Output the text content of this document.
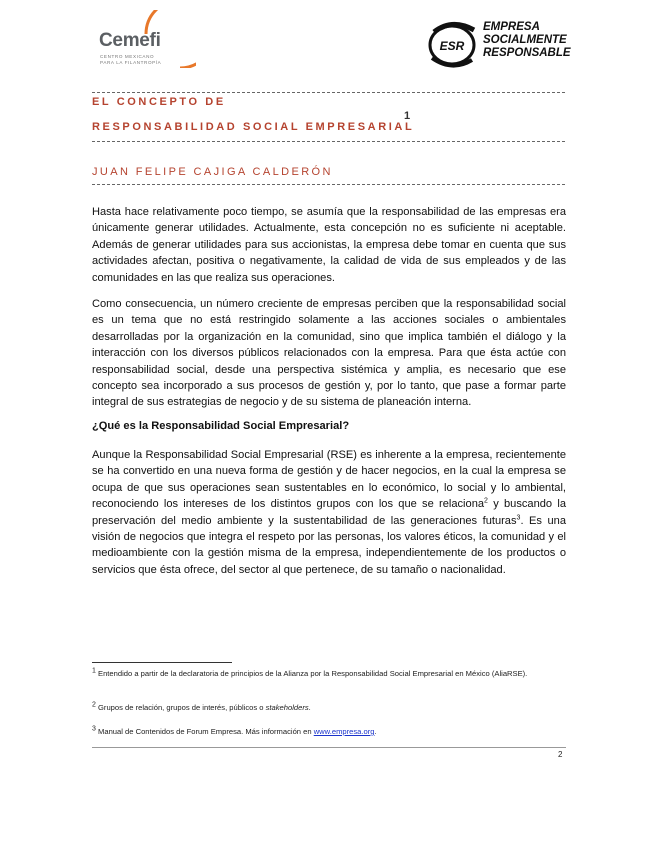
Cemefi
CENTRO MEXICANO
PARA LA FILANTROPÍA
ESR
EMPRESA
SOCIALMENTE
RESPONSABLE
EL CONCEPTO DE
RESPONSABILIDAD SOCIAL EMPRESARIAL
1
JUAN FELIPE CAJIGA CALDERÓN
Hasta hace relativamente poco tiempo, se asumía que la responsabilidad de las empresas era únicamente generar utilidades. Actualmente, esta concepción no es suficiente ni aceptable. Además de generar utilidades para sus accionistas, la empresa debe tomar en cuenta que sus actividades afectan, positiva o negativamente, la calidad de vida de sus empleados y de las comunidades en las que realiza sus operaciones.
Como consecuencia, un número creciente de empresas perciben que la responsabilidad social es un tema que no está restringido solamente a las acciones sociales o ambientales desarrolladas por la organización en la comunidad, sino que implica también el diálogo y la interacción con los diversos públicos relacionados con la empresa. Para que ésta actúe con responsabilidad social, desde una perspectiva sistémica y amplia, es necesario que ese concepto sea incorporado a sus procesos de gestión y, por lo tanto, que pase a formar parte integral de sus estrategias de negocio y de su sistema de planeación interna.
¿Qué es la Responsabilidad Social Empresarial?
Aunque la Responsabilidad Social Empresarial (RSE) es inherente a la empresa, recientemente se ha convertido en una nueva forma de gestión y de hacer negocios, en la cual la empresa se ocupa de que sus operaciones sean sustentables en lo económico, lo social y lo ambiental, reconociendo los intereses de los distintos grupos con los que se relaciona$^2$ y buscando la preservación del medio ambiente y la sustentabilidad de las generaciones futuras$^3$. Es una visión de negocios que integra el respeto por las personas, los valores éticos, la comunidad y el medioambiente con la gestión misma de la empresa, independientemente de los productos o servicios que ésta ofrece, del sector al que pertenece, de su tamaño o nacionalidad.
$^1$ Entendido a partir de la declaratoria de principios de la Alianza por la Responsabilidad Social Empresarial en México (AliaRSE).
$^2$ Grupos de relación, grupos de interés, públicos o stakeholders.
$^3$ Manual de Contenidos de Forum Empresa. Más información en www.empresa.org.
2
